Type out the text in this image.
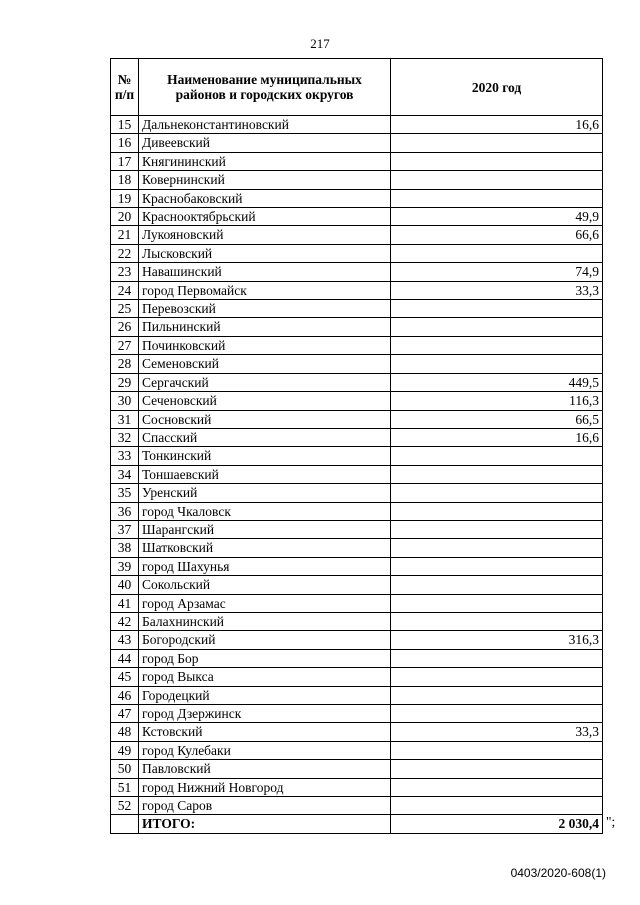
217
№ п/п	Наименование муниципальных районов и городских округов	2020 год
15	Дальнеконстантиновский	16,6
16	Дивеевский	
17	Княгининский	
18	Ковернинский	
19	Краснобаковский	
20	Краснооктябрьский	49,9
21	Лукояновский	66,6
22	Лысковский	
23	Навашинский	74,9
24	город Первомайск	33,3
25	Перевозский	
26	Пильнинский	
27	Починковский	
28	Семеновский	
29	Сергачский	449,5
30	Сеченовский	116,3
31	Сосновский	66,5
32	Спасский	16,6
33	Тонкинский	
34	Тоншаевский	
35	Уренский	
36	город Чкаловск	
37	Шарангский	
38	Шатковский	
39	город Шахунья	
40	Сокольский	
41	город Арзамас	
42	Балахнинский	
43	Богородский	316,3
44	город Бор	
45	город Выкса	
46	Городецкий	
47	город Дзержинск	
48	Кстовский	33,3
49	город Кулебаки	
50	Павловский	
51	город Нижний Новгород	
52	город Саров	
	ИТОГО:	2 030,4 ";
0403/2020-608(1)
